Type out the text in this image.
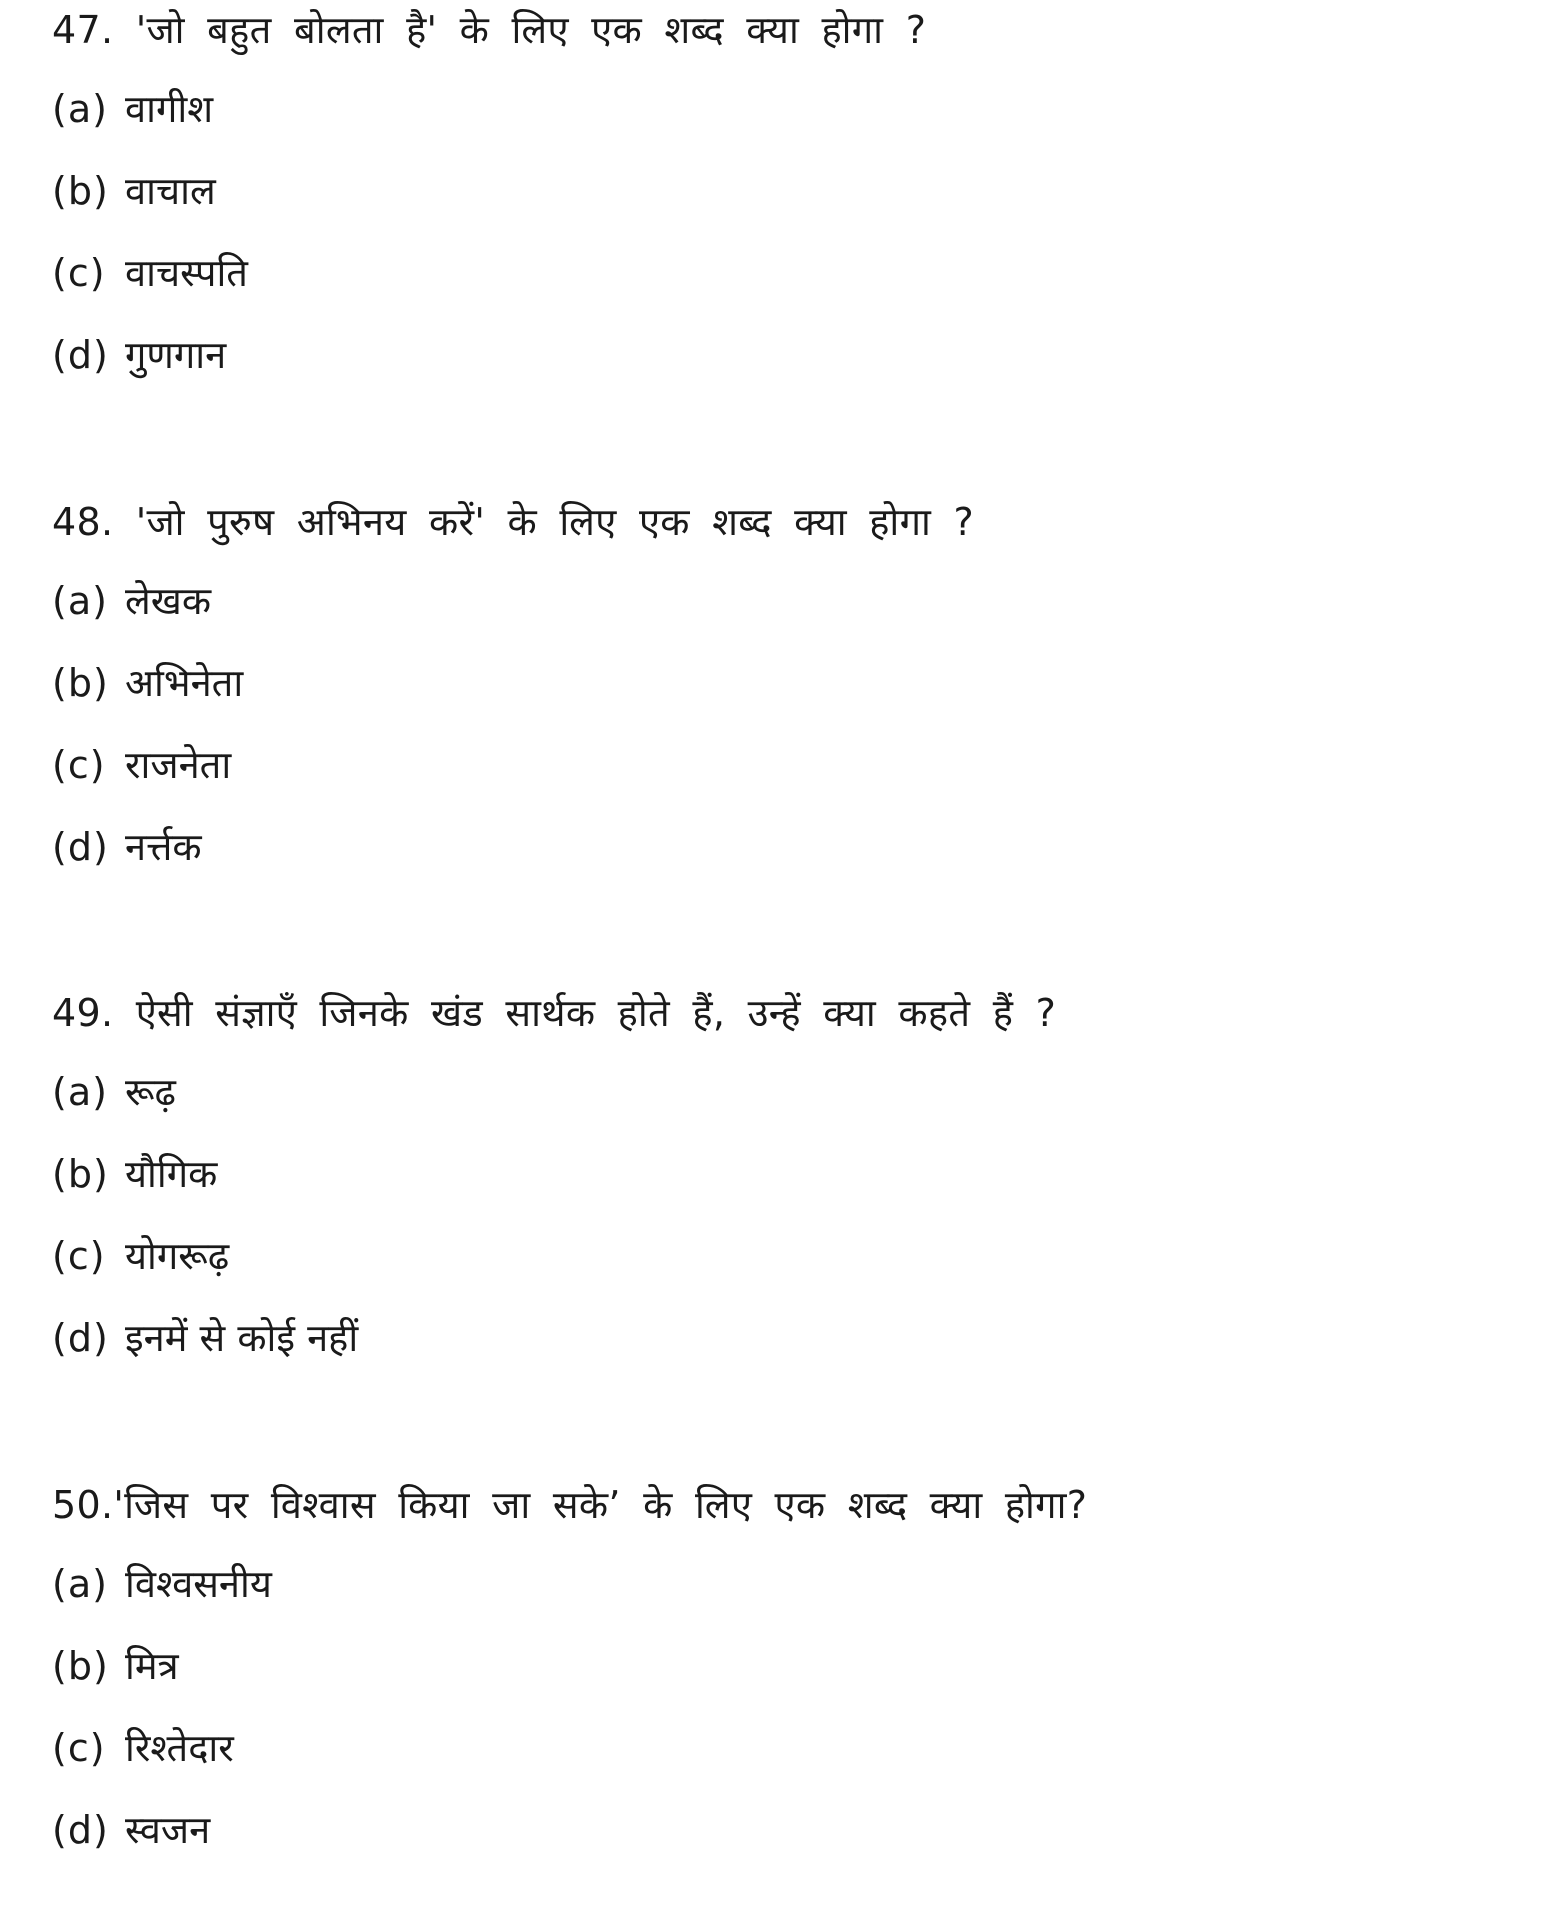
47. 'जो बहुत बोलता है' के लिए एक शब्द क्या होगा ?
(a) वागीश
(b) वाचाल
(c) वाचस्पति
(d) गुणगान
48. 'जो पुरुष अभिनय करें' के लिए एक शब्द क्या होगा ?
(a) लेखक
(b) अभिनेता
(c) राजनेता
(d) नर्त्तक
49. ऐसी संज्ञाएँ जिनके खंड सार्थक होते हैं, उन्हें क्या कहते हैं ?
(a) रूढ़
(b) यौगिक
(c) योगरूढ़
(d) इनमें से कोई नहीं
50.'जिस पर विश्वास किया जा सके’ के लिए एक शब्द क्या होगा?
(a) विश्वसनीय
(b) मित्र
(c) रिश्तेदार
(d) स्वजन
